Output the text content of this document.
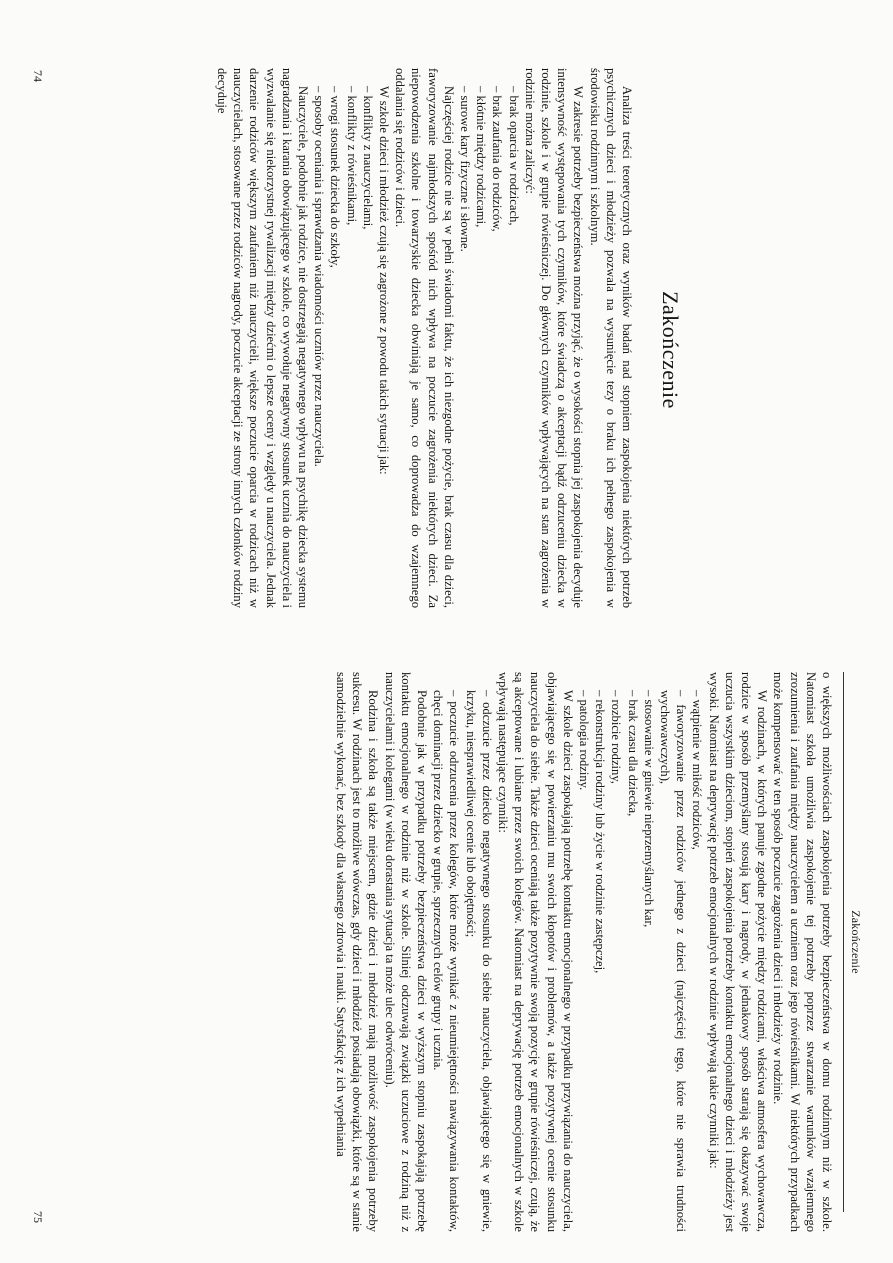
Zakończenie

Analiza treści teoretycznych oraz wyników badań nad stopniem zaspokojenia niektórych potrzeb psychicznych dzieci i młodzieży pozwala na wysunięcie tezy o braku ich pełnego zaspokojenia w środowisku rodzinnym i szkolnym.

W zakresie potrzeby bezpieczeństwa można przyjąć, że o wysokości stopnia jej zaspokojenia decyduje intensywność występowania tych czynników, które świadczą o akceptacji bądź odrzuceniu dziecka w rodzinie, szkole i w grupie rówieśniczej. Do głównych czynników wpływających na stan zagrożenia w rodzinie można zaliczyć:

– brak oparcia w rodzicach,
– brak zaufania do rodziców,
– kłótnie między rodzicami,
– surowe kary fizyczne i słowne.

Najczęściej rodzice nie są w pełni świadomi faktu, że ich niezgodne pożycie, brak czasu dla dzieci, faworyzowanie najmłodszych spośród nich wpływa na poczucie zagrożenia niektórych dzieci. Za niepowodzenia szkolne i towarzyskie dziecka obwiniają je samo, co doprowadza do wzajemnego oddalania się rodziców i dzieci.

W szkole dzieci i młodzież czują się zagrożone z powodu takich sytuacji jak:

– konflikty z nauczycielami,
– konflikty z rówieśnikami,
– wrogi stosunek dziecka do szkoły,
– sposoby oceniania i sprawdzania wiadomości uczniów przez nauczyciela.

Nauczyciele, podobnie jak rodzice, nie dostrzegają negatywnego wpływu na psychikę dziecka systemu nagradzania i karania obowiązującego w szkole, co wywołuje negatywny stosunek ucznia do nauczyciela i wyzwalanie się niekorzystnej rywalizacji między dziećmi o lepsze oceny i względy u nauczyciela. Jednak darzenie rodziców większym zaufaniem niż nauczycieli, większe poczucie oparcia w rodzicach niż w nauczycielach, stosowane przez rodziców nagrody, poczucie akceptacji ze strony innych członków rodziny decyduje

74
Zakończenie

o większych możliwościach zaspokojenia potrzeby bezpieczeństwa w domu rodzinnym niż w szkole. Natomiast szkoła umożliwia zaspokojenie tej potrzeby poprzez stwarzanie warunków wzajemnego zrozumienia i zaufania między nauczycielem a uczniem oraz jego rówieśnikami. W niektórych przypadkach może kompensować w ten sposób poczucie zagrożenia dzieci i młodzieży w rodzinie.

W rodzinach, w których panuje zgodne pożycie między rodzicami, właściwa atmosfera wychowawcza, rodzice w sposób przemyślany stosują kary i nagrody, w jednakowy sposób starają się okazywać swoje uczucia wszystkim dzieciom, stopień zaspokojenia potrzeby kontaktu emocjonalnego dzieci i młodzieży jest wysoki. Natomiast na deprywację potrzeb emocjonalnych w rodzinie wpływają takie czynniki jak:

– wątpienie w miłość rodziców,
– faworyzowanie przez rodziców jednego z dzieci (najczęściej tego, które nie sprawia trudności wychowawczych),
– stosowanie w gniewie nieprzemyślanych kar,
– brak czasu dla dziecka,
– rozbicie rodziny,
– rekonstrukcja rodziny lub życie w rodzinie zastępczej,
– patologia rodziny.

W szkole dzieci zaspokajają potrzebę kontaktu emocjonalnego w przypadku przywiązania do nauczyciela, objawiającego się w powierzaniu mu swoich kłopotów i problemów, a także pozytywnej ocenie stosunku nauczyciela do siebie. Także dzieci oceniają także pozytywnie swoją pozycję w grupie rówieśniczej, czują, że są akceptowane i lubiane przez swoich kolegów. Natomiast na deprywację potrzeb emocjonalnych w szkole wpływają następujące czynniki:

– odczucie przez dziecko negatywnego stosunku do siebie nauczyciela, objawiającego się w gniewie, krzyku, niesprawiedliwej ocenie lub obojętności;
– poczucie odrzucenia przez kolegów, które może wynikać z nieumiejętności nawiązywania kontaktów, chęci dominacji przez dziecko w grupie, sprzecznych celów grupy i ucznia.

Podobnie jak w przypadku potrzeby bezpieczeństwa dzieci w wyższym stopniu zaspokajają potrzebę kontaktu emocjonalnego w rodzinie niż w szkole. Silniej odczuwają związki uczuciowe z rodziną niż z nauczycielami i kolegami (w wieku dorastania sytuacja ta może ulec odwróceniu).

Rodzina i szkoła są także miejscem, gdzie dzieci i młodzież mają możliwość zaspokojenia potrzeby sukcesu. W rodzinach jest to możliwe wówczas, gdy dzieci i młodzież posiadają obowiązki, które są w stanie samodzielnie wykonać, bez szkody dla własnego zdrowia i nauki. Satysfakcję z ich wypełniania

75
